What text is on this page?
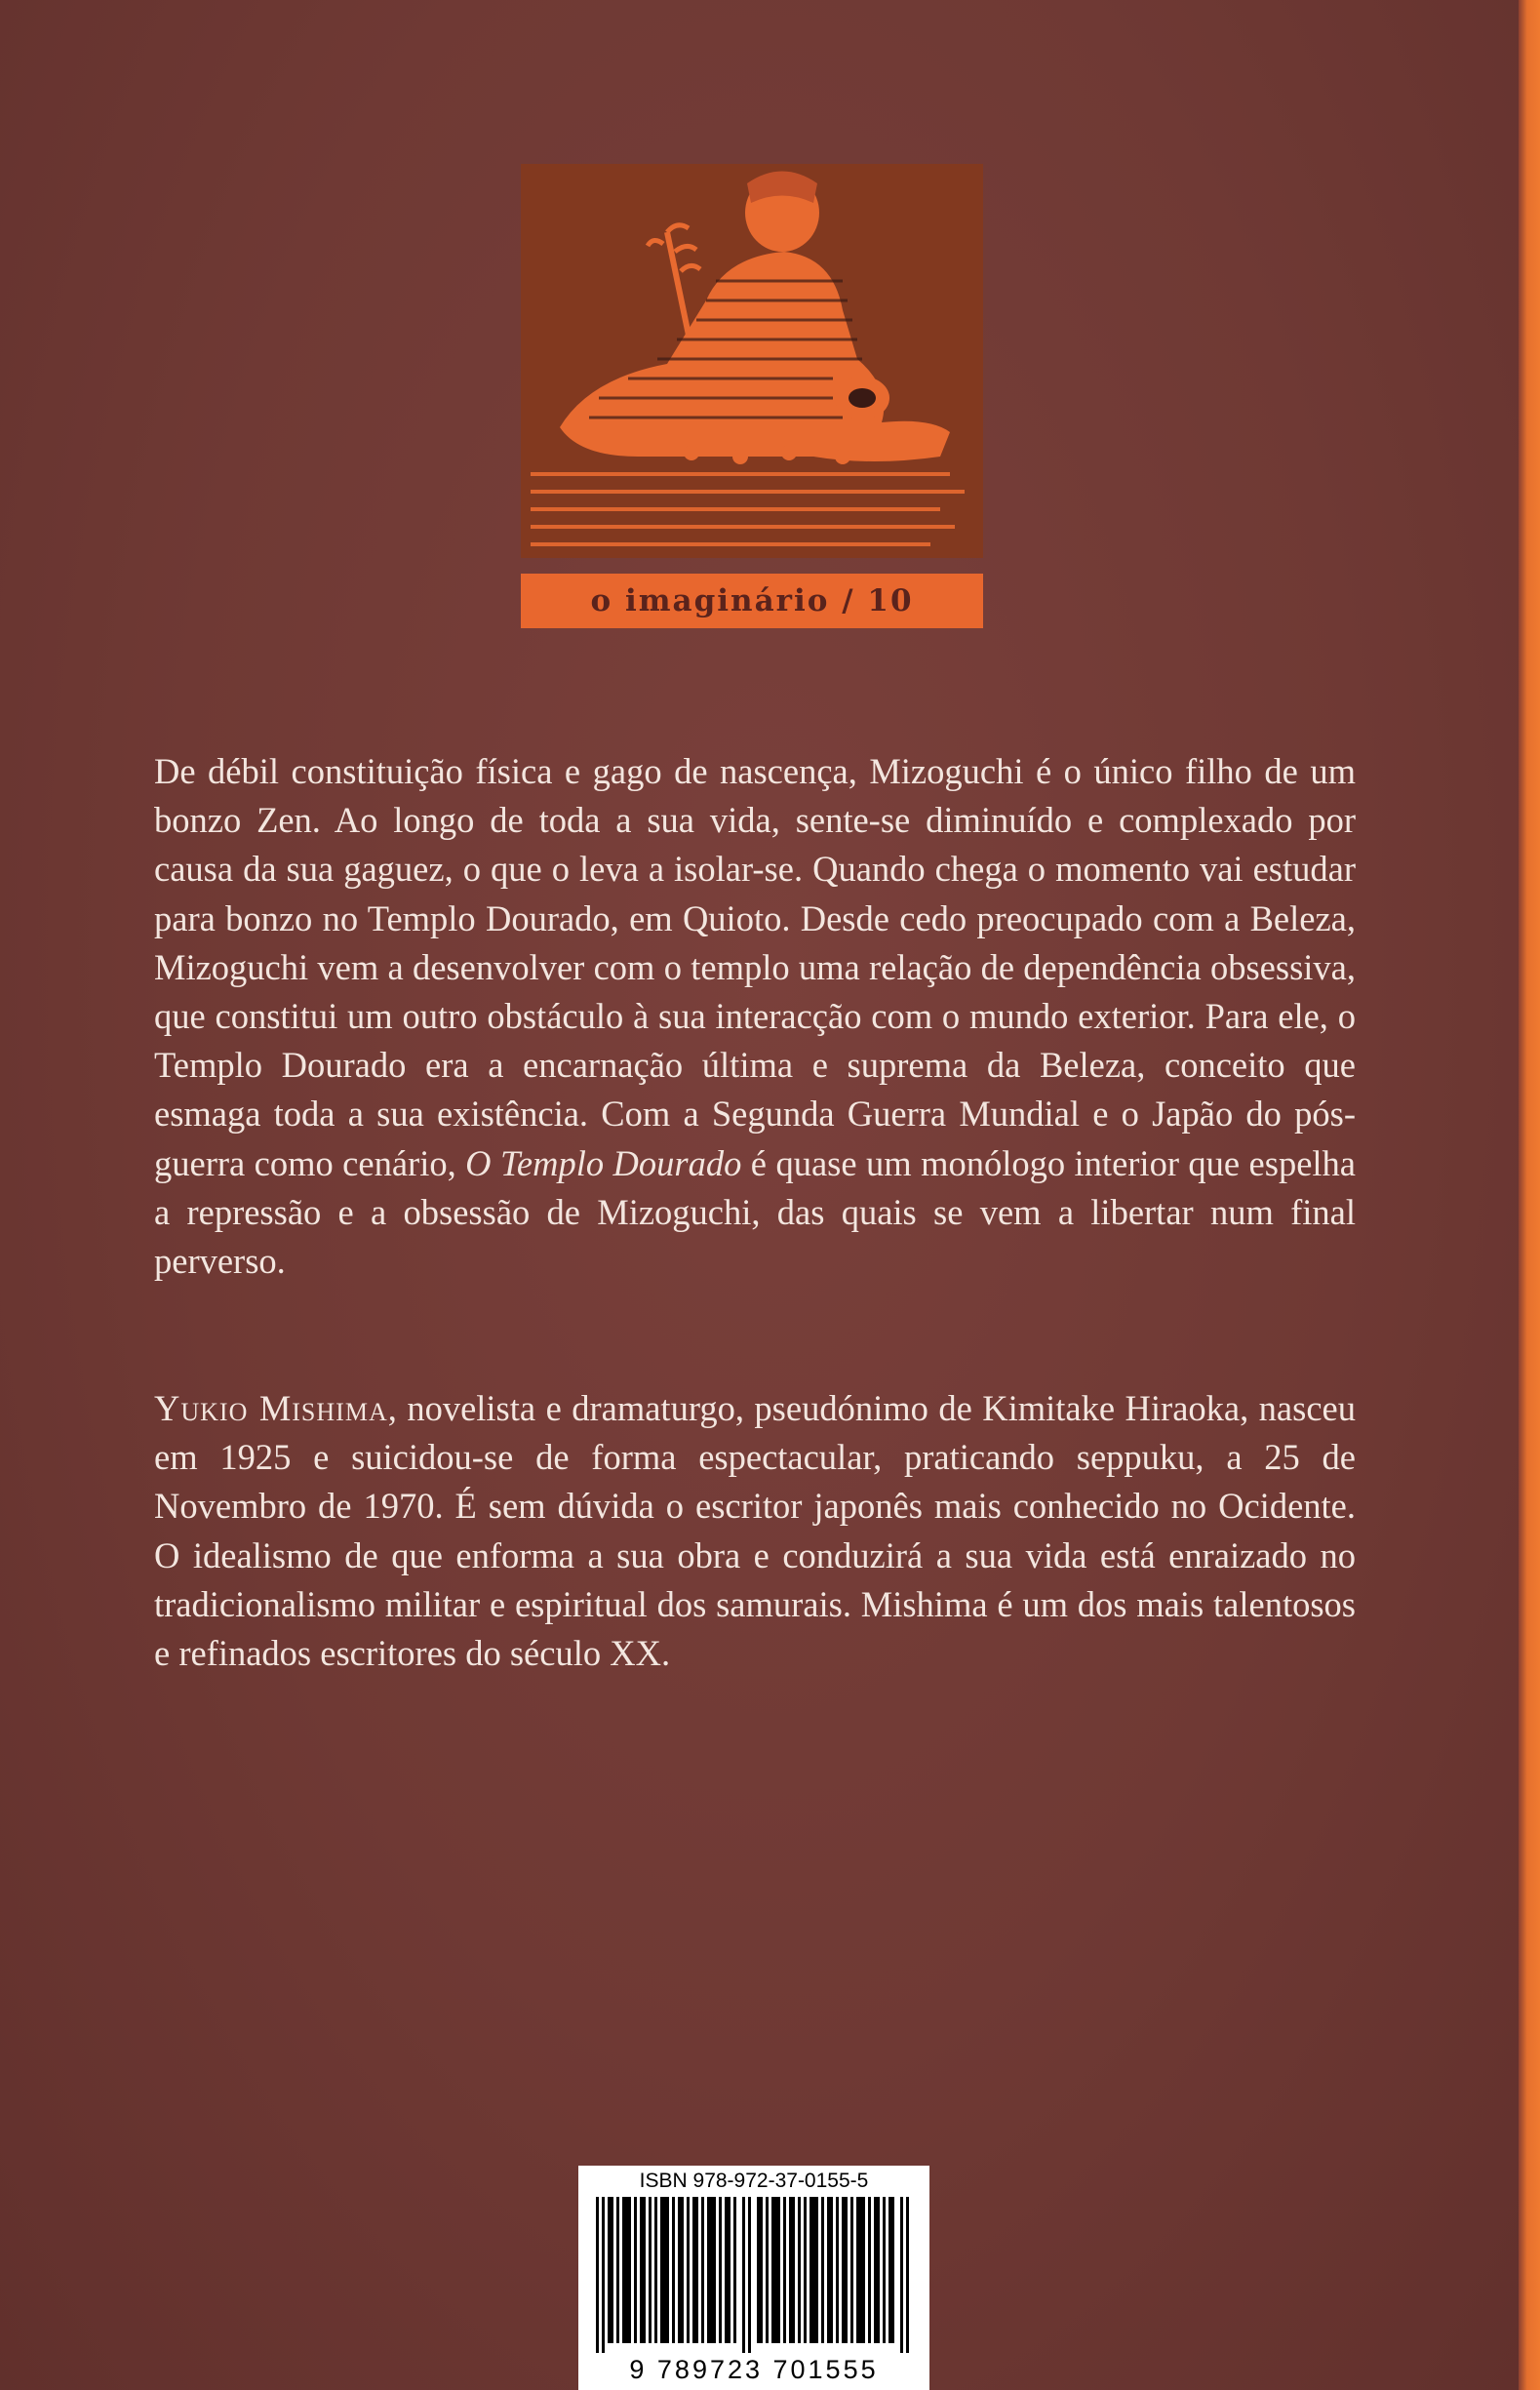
o imaginário / 10

De débil constituição física e gago de nascença, Mizoguchi é o único filho de um bonzo Zen. Ao longo de toda a sua vida, sente-se diminuído e complexado por causa da sua gaguez, o que o leva a isolar-se. Quando chega o momento vai estudar para bonzo no Templo Dourado, em Quioto. Desde cedo preocupado com a Beleza, Mizoguchi vem a desenvolver com o templo uma relação de dependência obsessiva, que constitui um outro obstáculo à sua interacção com o mundo exterior. Para ele, o Templo Dourado era a encarnação última e suprema da Beleza, conceito que esmaga toda a sua existência. Com a Segunda Guerra Mundial e o Japão do pós-guerra como cenário, O Templo Dourado é quase um monólogo interior que espelha a repressão e a obsessão de Mizoguchi, das quais se vem a libertar num final perverso.

Yukio Mishima, novelista e dramaturgo, pseudónimo de Kimitake Hiraoka, nasceu em 1925 e suicidou-se de forma espectacular, praticando seppuku, a 25 de Novembro de 1970. É sem dúvida o escritor japonês mais conhecido no Ocidente. O idealismo de que enforma a sua obra e conduzirá a sua vida está enraizado no tradicionalismo militar e espiritual dos samurais. Mishima é um dos mais talentosos e refinados escritores do século XX.

ISBN 978-972-37-0155-5
9 789723 701555
